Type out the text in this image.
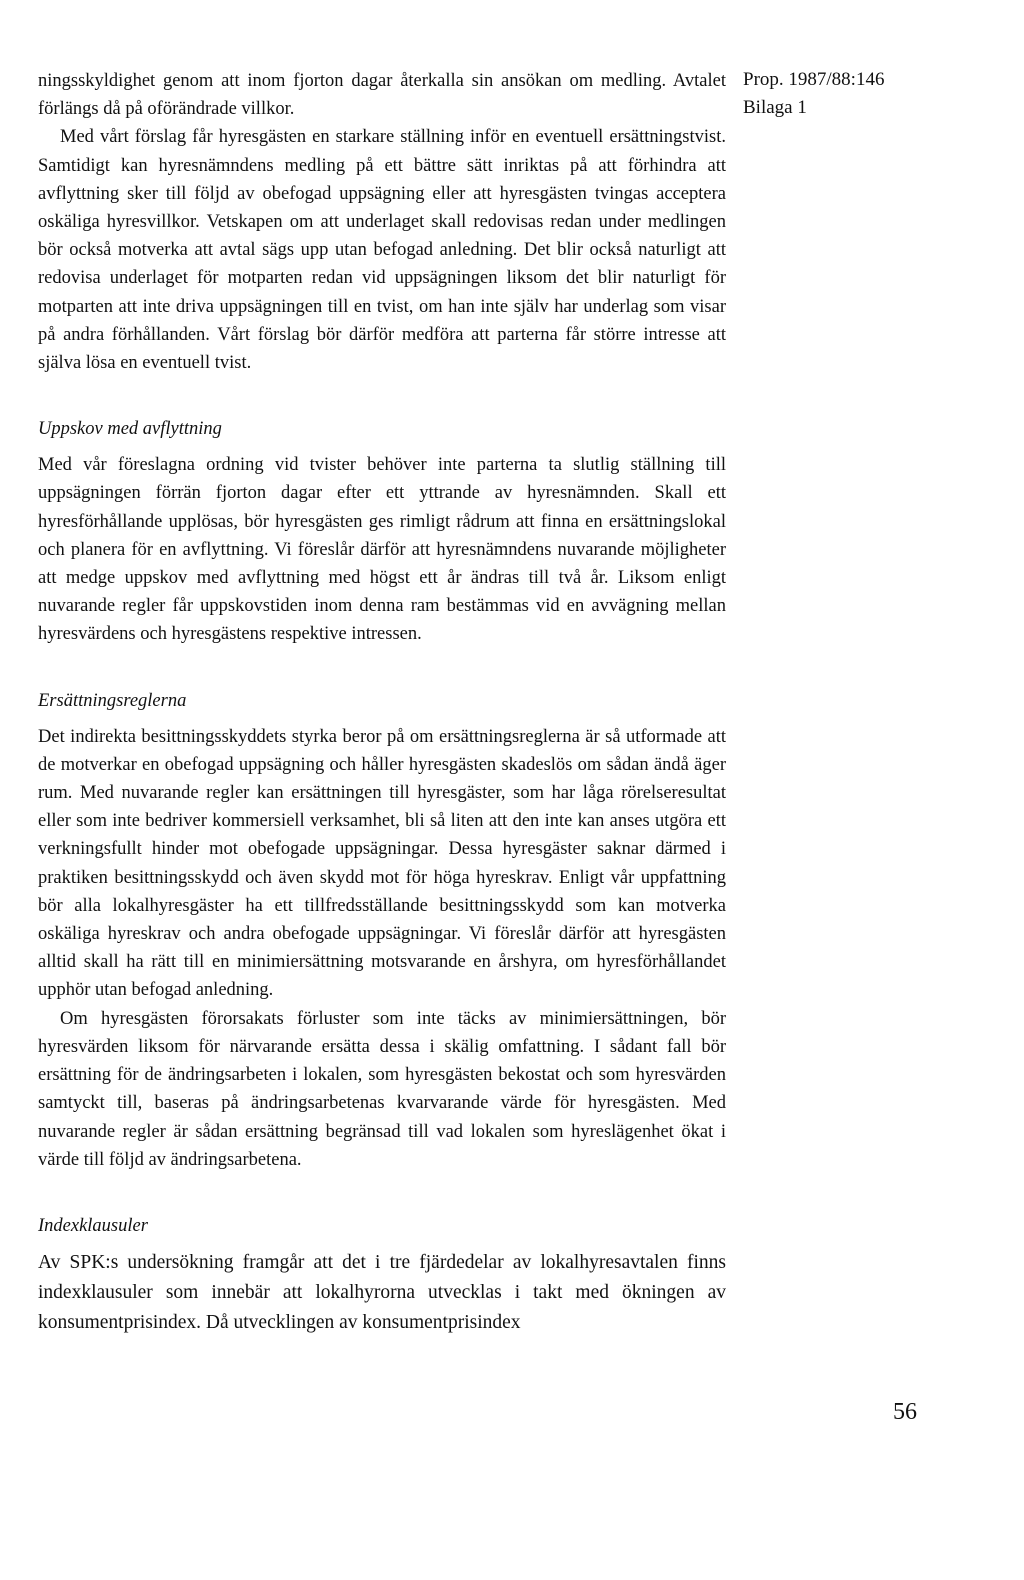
Prop. 1987/88:146
Bilaga 1
56

ningsskyldighet genom att inom fjorton dagar återkalla sin ansökan om medling. Avtalet förlängs då på oförändrade villkor.

Med vårt förslag får hyresgästen en starkare ställning inför en eventuell ersättningstvist. Samtidigt kan hyresnämndens medling på ett bättre sätt inriktas på att förhindra att avflyttning sker till följd av obefogad uppsägning eller att hyresgästen tvingas acceptera oskäliga hyresvillkor. Vetskapen om att underlaget skall redovisas redan under medlingen bör också motverka att avtal sägs upp utan befogad anledning. Det blir också naturligt att redovisa underlaget för motparten redan vid uppsägningen liksom det blir naturligt för motparten att inte driva uppsägningen till en tvist, om han inte själv har underlag som visar på andra förhållanden. Vårt förslag bör därför medföra att parterna får större intresse att själva lösa en eventuell tvist.

Uppskov med avflyttning

Med vår föreslagna ordning vid tvister behöver inte parterna ta slutlig ställning till uppsägningen förrän fjorton dagar efter ett yttrande av hyresnämnden. Skall ett hyresförhållande upplösas, bör hyresgästen ges rimligt rådrum att finna en ersättningslokal och planera för en avflyttning. Vi föreslår därför att hyresnämndens nuvarande möjligheter att medge uppskov med avflyttning med högst ett år ändras till två år. Liksom enligt nuvarande regler får uppskovstiden inom denna ram bestämmas vid en avvägning mellan hyresvärdens och hyresgästens respektive intressen.

Ersättningsreglerna

Det indirekta besittningsskyddets styrka beror på om ersättningsreglerna är så utformade att de motverkar en obefogad uppsägning och håller hyresgästen skadeslös om sådan ändå äger rum. Med nuvarande regler kan ersättningen till hyresgäster, som har låga rörelseresultat eller som inte bedriver kommersiell verksamhet, bli så liten att den inte kan anses utgöra ett verkningsfullt hinder mot obefogade uppsägningar. Dessa hyresgäster saknar därmed i praktiken besittningsskydd och även skydd mot för höga hyreskrav. Enligt vår uppfattning bör alla lokalhyresgäster ha ett tillfredsställande besittningsskydd som kan motverka oskäliga hyreskrav och andra obefogade uppsägningar. Vi föreslår därför att hyresgästen alltid skall ha rätt till en minimiersättning motsvarande en årshyra, om hyresförhållandet upphör utan befogad anledning.

Om hyresgästen förorsakats förluster som inte täcks av minimiersättningen, bör hyresvärden liksom för närvarande ersätta dessa i skälig omfattning. I sådant fall bör ersättning för de ändringsarbeten i lokalen, som hyresgästen bekostat och som hyresvärden samtyckt till, baseras på ändringsarbetenas kvarvarande värde för hyresgästen. Med nuvarande regler är sådan ersättning begränsad till vad lokalen som hyreslägenhet ökat i värde till följd av ändringsarbetena.

Indexklausuler

Av SPK:s undersökning framgår att det i tre fjärdedelar av lokalhyresavtalen finns indexklausuler som innebär att lokalhyrorna utvecklas i takt med ökningen av konsumentprisindex. Då utvecklingen av konsumentprisindex
